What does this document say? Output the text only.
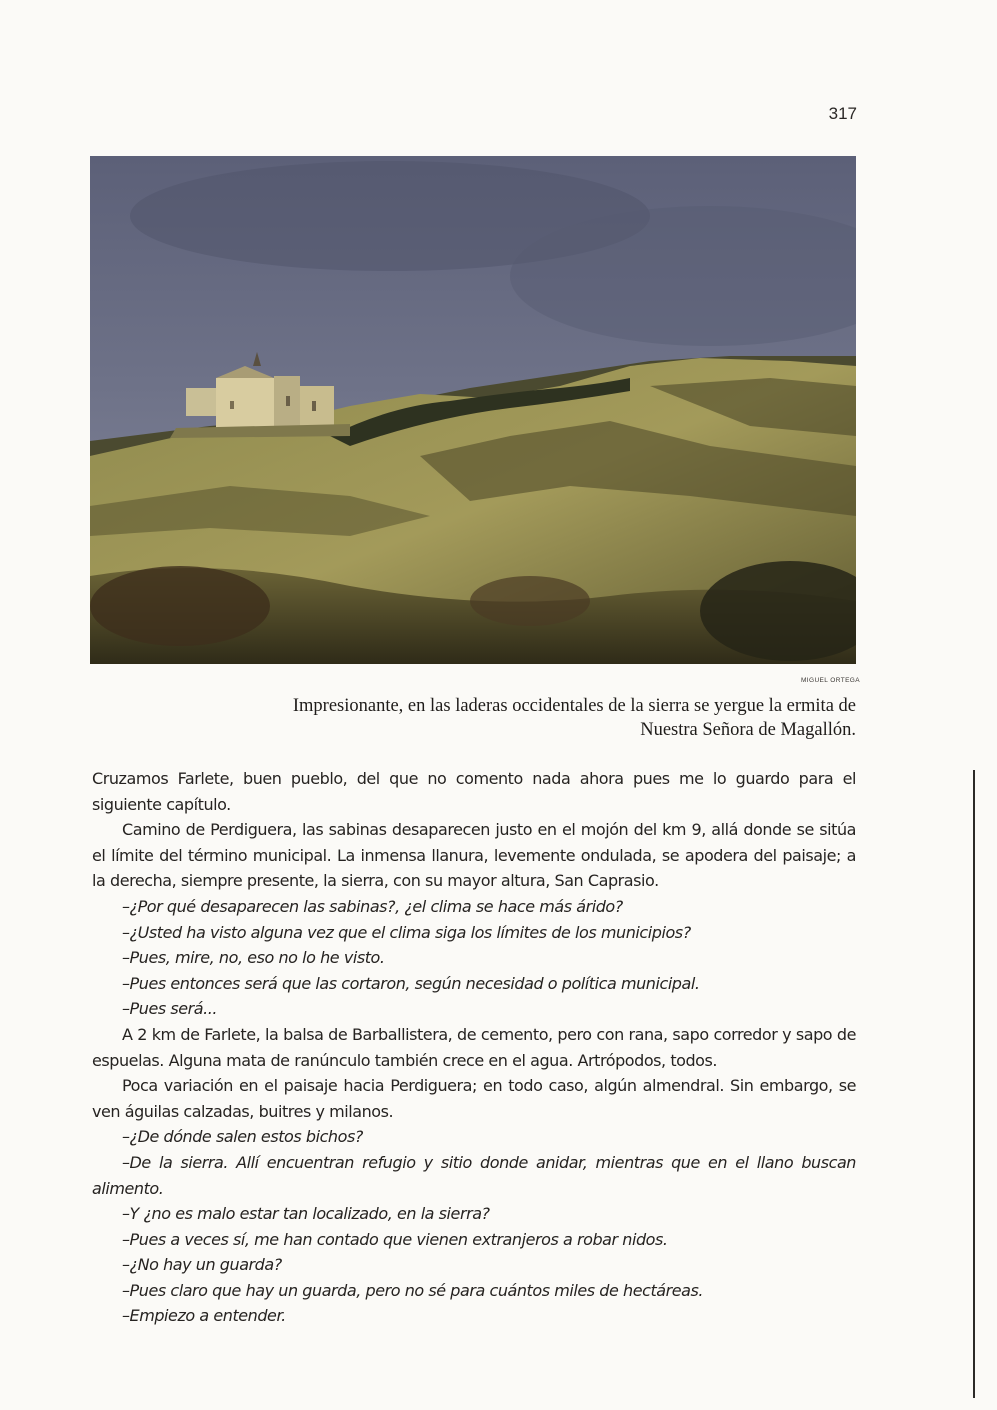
317
MIGUEL ORTEGA
Impresionante, en las laderas occidentales de la sierra se yergue la ermita de
Nuestra Señora de Magallón.

Cruzamos Farlete, buen pueblo, del que no comento nada ahora pues me lo guardo para el siguiente capítulo.

Camino de Perdiguera, las sabinas desaparecen justo en el mojón del km 9, allá donde se sitúa el límite del término municipal. La inmensa llanura, levemente ondulada, se apodera del paisaje; a la derecha, siempre presente, la sierra, con su mayor altura, San Caprasio.

–¿Por qué desaparecen las sabinas?, ¿el clima se hace más árido?

–¿Usted ha visto alguna vez que el clima siga los límites de los municipios?

–Pues, mire, no, eso no lo he visto.

–Pues entonces será que las cortaron, según necesidad o política municipal.

–Pues será...

A 2 km de Farlete, la balsa de Barballistera, de cemento, pero con rana, sapo corredor y sapo de espuelas. Alguna mata de ranúnculo también crece en el agua. Artrópodos, todos.

Poca variación en el paisaje hacia Perdiguera; en todo caso, algún almendral. Sin embargo, se ven águilas calzadas, buitres y milanos.

–¿De dónde salen estos bichos?

–De la sierra. Allí encuentran refugio y sitio donde anidar, mientras que en el llano buscan alimento.

–Y ¿no es malo estar tan localizado, en la sierra?

–Pues a veces sí, me han contado que vienen extranjeros a robar nidos.

–¿No hay un guarda?

–Pues claro que hay un guarda, pero no sé para cuántos miles de hectáreas.

–Empiezo a entender.
